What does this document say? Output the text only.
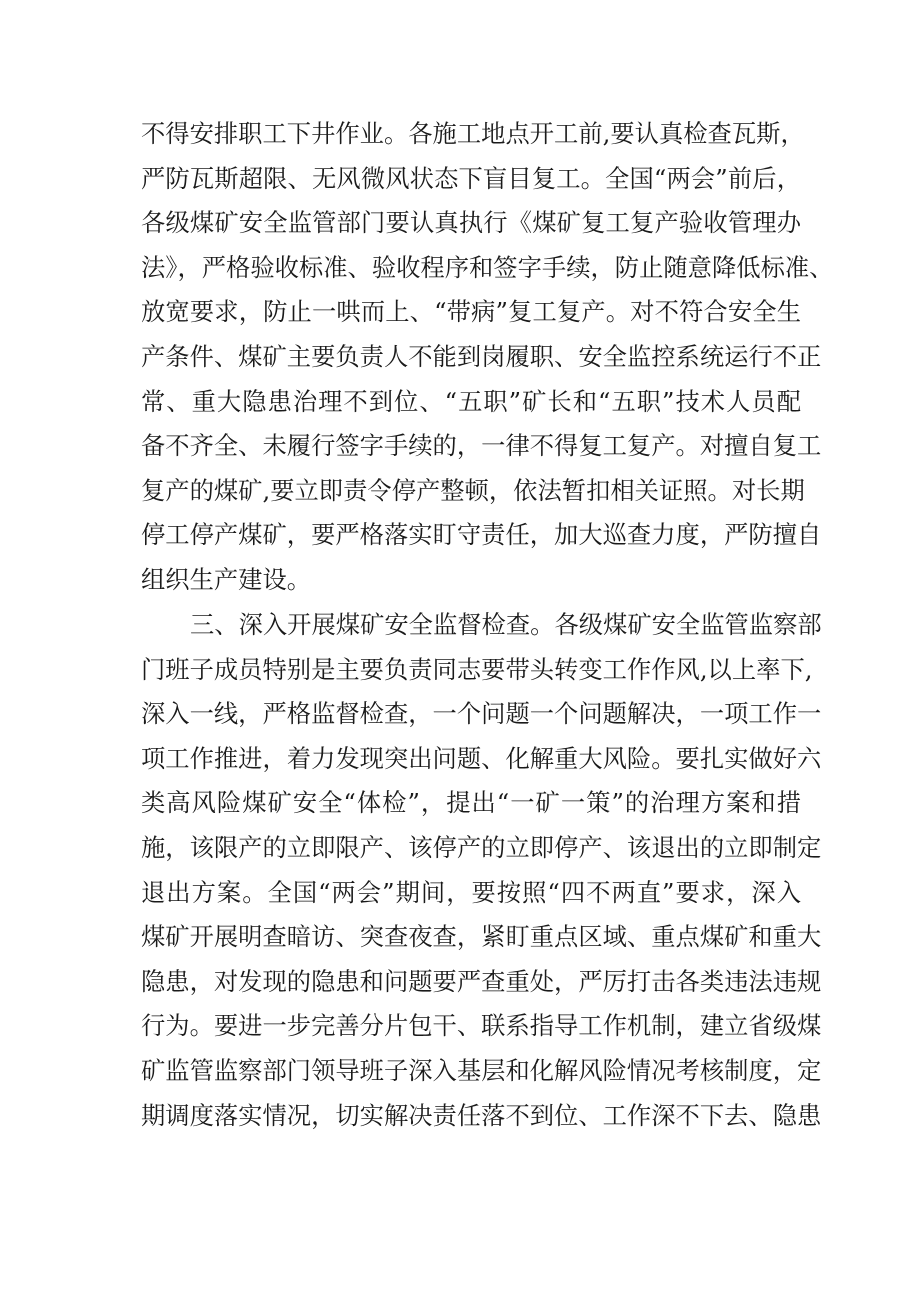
不得安排职工下井作业。各施工地点开工前,要认真检查瓦斯，
严防瓦斯超限、无风微风状态下盲目复工。全国“两会”前后，
各级煤矿安全监管部门要认真执行《煤矿复工复产验收管理办
法》，严格验收标准、验收程序和签字手续，防止随意降低标准、
放宽要求，防止一哄而上、“带病”复工复产。对不符合安全生
产条件、煤矿主要负责人不能到岗履职、安全监控系统运行不正
常、重大隐患治理不到位、“五职”矿长和“五职”技术人员配
备不齐全、未履行签字手续的，一律不得复工复产。对擅自复工
复产的煤矿,要立即责令停产整顿，依法暂扣相关证照。对长期
停工停产煤矿，要严格落实盯守责任，加大巡查力度，严防擅自
组织生产建设。
三、深入开展煤矿安全监督检查。各级煤矿安全监管监察部
门班子成员特别是主要负责同志要带头转变工作作风,以上率下,
深入一线，严格监督检查，一个问题一个问题解决，一项工作一
项工作推进，着力发现突出问题、化解重大风险。要扎实做好六
类高风险煤矿安全“体检”，提出“一矿一策”的治理方案和措
施，该限产的立即限产、该停产的立即停产、该退出的立即制定
退出方案。全国“两会”期间，要按照“四不两直”要求，深入
煤矿开展明查暗访、突查夜查，紧盯重点区域、重点煤矿和重大
隐患，对发现的隐患和问题要严查重处，严厉打击各类违法违规
行为。要进一步完善分片包干、联系指导工作机制，建立省级煤
矿监管监察部门领导班子深入基层和化解风险情况考核制度，定
期调度落实情况，切实解决责任落不到位、工作深不下去、隐患
